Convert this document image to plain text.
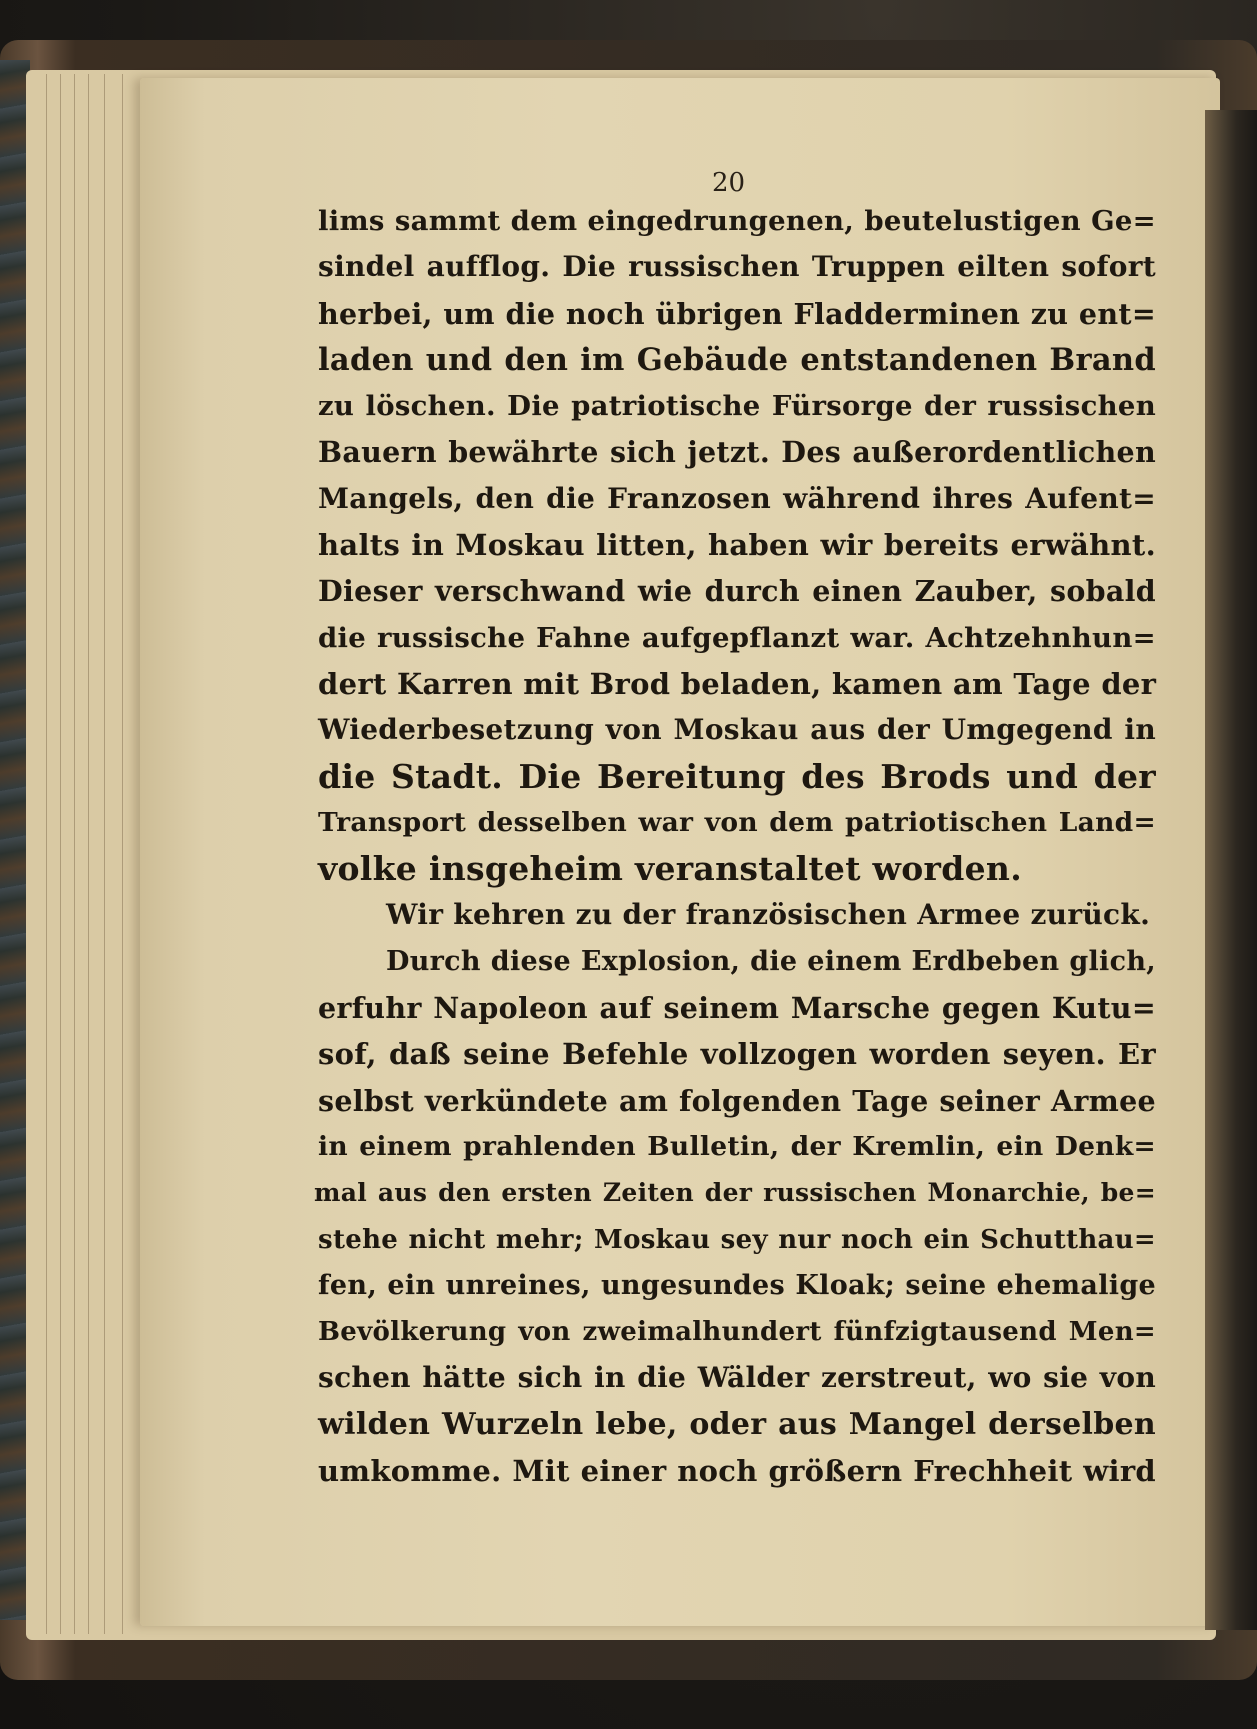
20
lims sammt dem eingedrungenen, beutelustigen Ge=
sindel aufflog. Die russischen Truppen eilten sofort
herbei, um die noch übrigen Fladderminen zu ent=
laden und den im Gebäude entstandenen Brand
zu löschen. Die patriotische Fürsorge der russischen
Bauern bewährte sich jetzt. Des außerordentlichen
Mangels, den die Franzosen während ihres Aufent=
halts in Moskau litten, haben wir bereits erwähnt.
Dieser verschwand wie durch einen Zauber, sobald
die russische Fahne aufgepflanzt war. Achtzehnhun=
dert Karren mit Brod beladen, kamen am Tage der
Wiederbesetzung von Moskau aus der Umgegend in
die Stadt. Die Bereitung des Brods und der
Transport desselben war von dem patriotischen Land=
volke insgeheim veranstaltet worden.
Wir kehren zu der französischen Armee zurück.
Durch diese Explosion, die einem Erdbeben glich,
erfuhr Napoleon auf seinem Marsche gegen Kutu=
sof, daß seine Befehle vollzogen worden seyen. Er
selbst verkündete am folgenden Tage seiner Armee
in einem prahlenden Bulletin, der Kremlin, ein Denk=
mal aus den ersten Zeiten der russischen Monarchie, be=
stehe nicht mehr; Moskau sey nur noch ein Schutthau=
fen, ein unreines, ungesundes Kloak; seine ehemalige
Bevölkerung von zweimalhundert fünfzigtausend Men=
schen hätte sich in die Wälder zerstreut, wo sie von
wilden Wurzeln lebe, oder aus Mangel derselben
umkomme. Mit einer noch größern Frechheit wird
